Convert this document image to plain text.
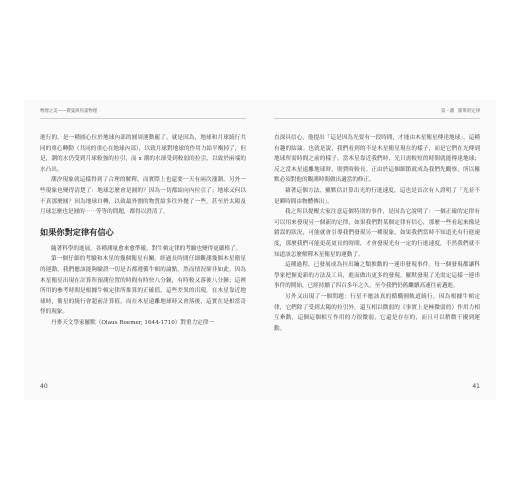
物理之美——費曼與你談物理

進行的，是一種圓心位於地球內部的圓周運動罷了。就是因為，地球和月球繞行共同的重心轉動（共同的重心在地球內部），以致月球對地球的作用力給平衡掉了，但是，潮的水仍受到月球較強的拉引，而 x 潮的水卻受到較弱的拉引，以致於兩端的水凸出。

潮汐現象就這樣得到了合理的解釋，而實際上也還要一天有兩次漲潮。另外一些現象也變得清楚了：地球怎麼會是圓的？因為一切都給向內拉引了；地球又何以不真那麼圓？因為地球自轉，以致最外圍的物質給多往外拋了一些，甚至於太陽及月球怎麼也是圓的⋯⋯等等的問題，都得以澄清了。

如果你對定律有信心

隨著科學的進展，各種測量愈來愈準確，對牛頓定律的考驗也變得更嚴格了。

第一個仔細的考驗和木星的幾個衛星有關。經過長時間仔細觀測幾個木星衛星的運動，我們應該能夠驗證一切是否都遵循牛頓的論點。然而情況卻非如此。因為木星衛星出現在計算所預測位置的時間有時快八分鐘，有時較又落後八分鐘；這裡所用的參考時間是根據牛頓定律所推算的正確值。這些差異的出現，在木星靠近地球時，衛星的繞行會超前計算值，而在木星遠離地球時又會落後，這實在是相當奇怪的現象。

丹麥天文學家羅默（Olaus Roemer, 1644-1710）對重力定律一

40
第一講 簡單的定律

直深具信心，他提出「這是因為光要有一段時間，才能由木星衛星傳達地球」，這種有趣的結論。也就是說，我們看到的不是木星衛星現在的樣子，而是它們在光傳到地球所需時間之前的樣子。當木星靠近我們時，光只需較短的時間就能傳達地球；反之當木星遠離地球時，則費時較長。正由於這個細節就成為我們先觀察，所以羅默必須對他的觀測時間做出適當的修正。

藉著這個方法，羅默估計算出光的行進速度，這也是首次有人證明了「光並不是瞬時間由物體傳出」。

我之所以提醒大家注意這個特別的事件，是因為它說明了：一個正確的定律有可以用來發現另一個新的定律，如果我們對某個定律有信心，那麼一些看起來像是錯誤的狀況，可能就會引導我們發現另一種現象。如果我們當時不知道光有行進速度，那麼我們可能更花更長的時間，才會發現光有一定的行進速度，不然我們就不知道該怎麼解釋木星衛星的運動了。

這種過程，已發展成為拉出鑰之類推動的一連串發現事件。每一個發現都讓科學家把握更新的方法及工具，進而做出更多的發現。羅默發現了光需定這樣一連串事件的開始，已經持續了四百多年之久，至今我們仍舊繼續高速往前邁進。

另外又出現了一個問題：行星不應該真的循橢圓軌道繞行，因為根據牛頓定律，它們除了受到太陽的拉引外，還互相以微弱的《事實上是極微弱的）作用力相互牽動，這個這個相互作用的力很微弱，它還是存在的，而且可以稍微干擾到運動。

41
